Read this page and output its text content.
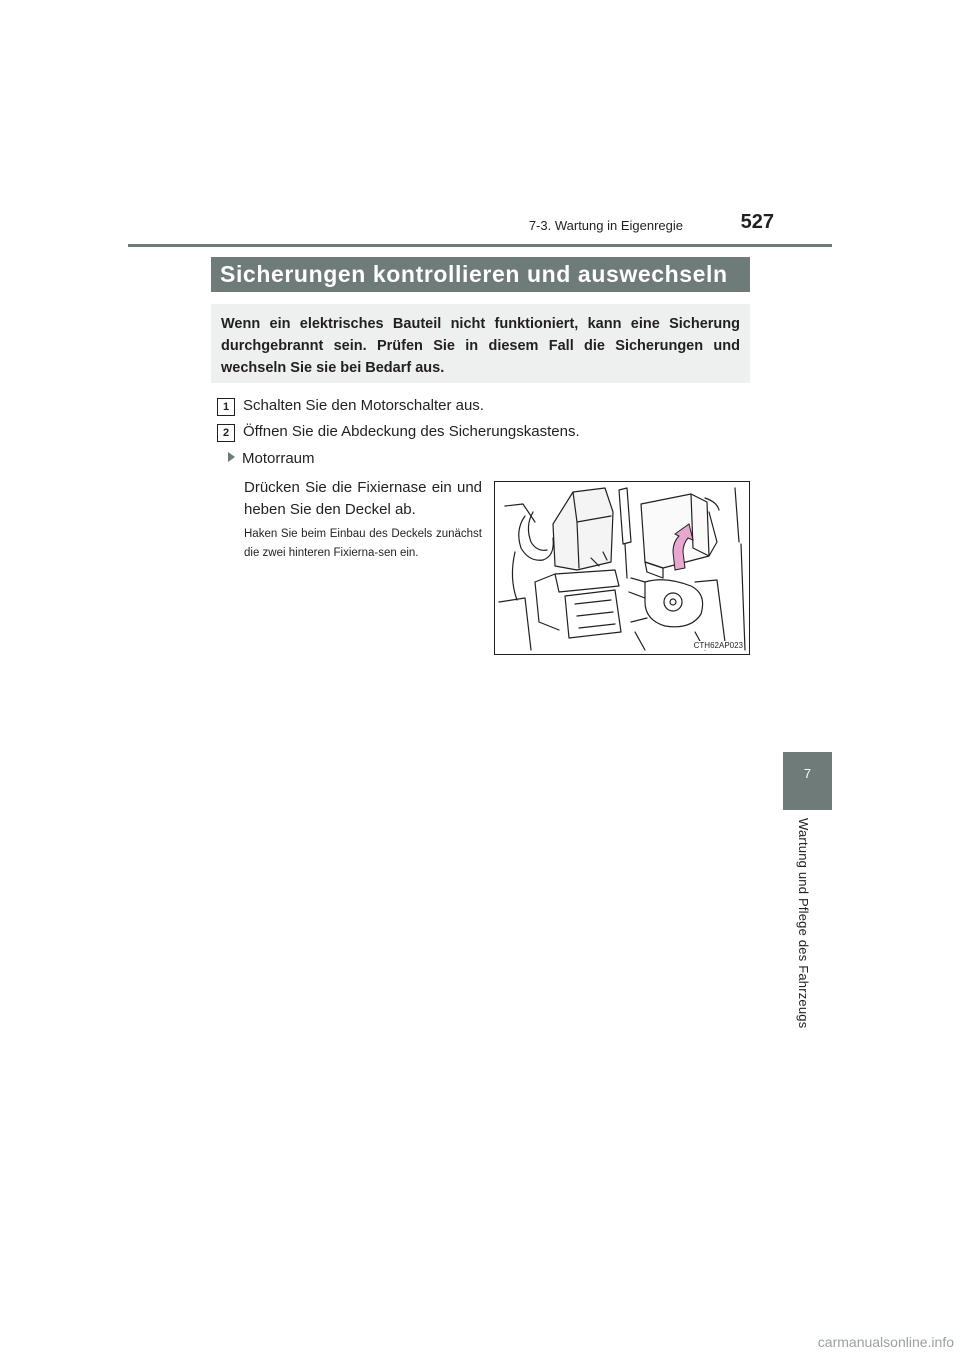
7-3. Wartung in Eigenregie	527
7
Wartung und Pflege des Fahrzeugs
Sicherungen kontrollieren und auswechseln
Wenn ein elektrisches Bauteil nicht funktioniert, kann eine Sicherung durchgebrannt sein. Prüfen Sie in diesem Fall die Sicherungen und wechseln Sie sie bei Bedarf aus.
1 Schalten Sie den Motorschalter aus.
2 Öffnen Sie die Abdeckung des Sicherungskastens.
Motorraum
Drücken Sie die Fixiernase ein und heben Sie den Deckel ab.
Haken Sie beim Einbau des Deckels zunächst die zwei hinteren Fixierna-sen ein.
CTH62AP023
carmanualsonline.info
